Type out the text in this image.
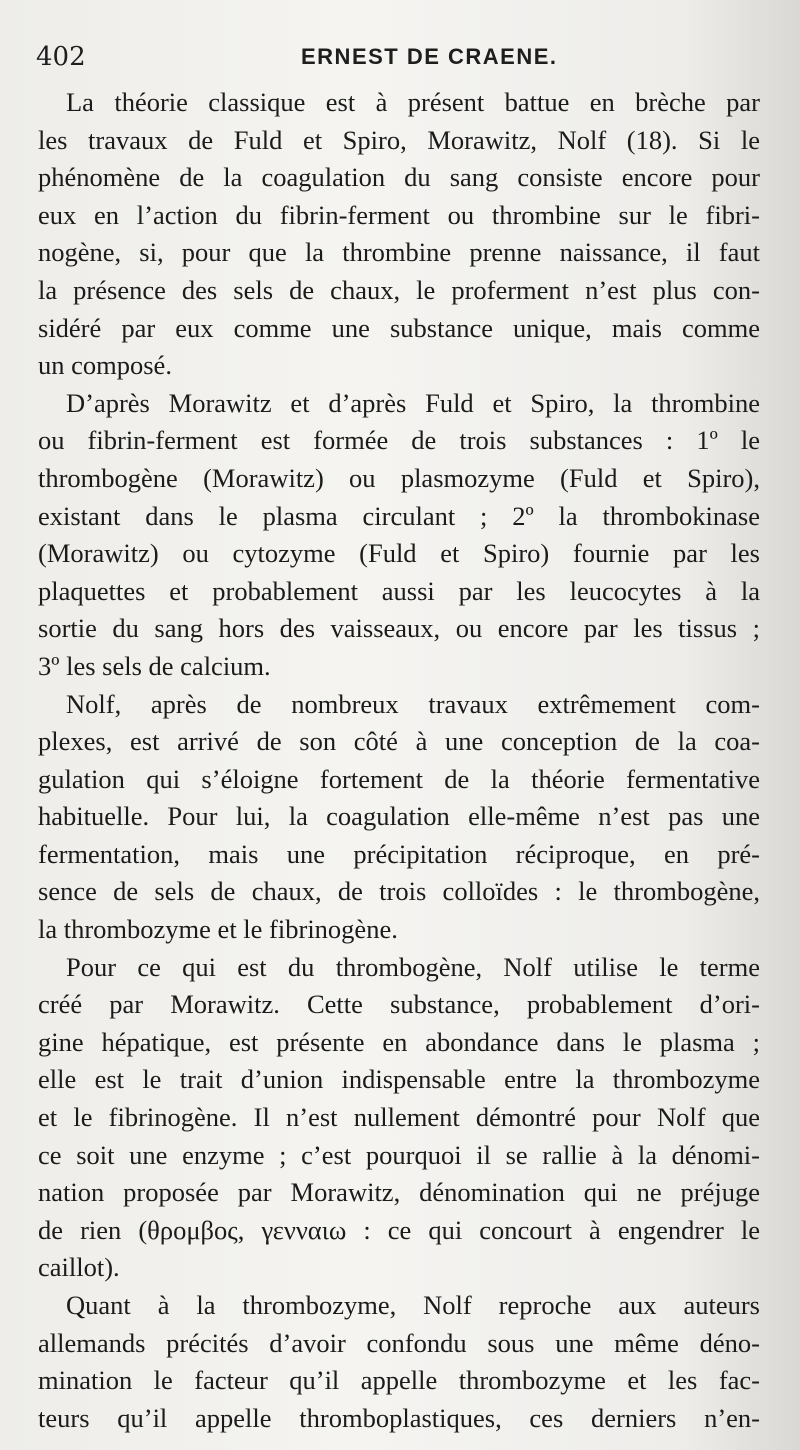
402	ERNEST DE CRAENE.
La théorie classique est à présent battue en brèche par
les travaux de Fuld et Spiro, Morawitz, Nolf (18). Si le
phénomène de la coagulation du sang consiste encore pour
eux en l’action du fibrin-ferment ou thrombine sur le fibri-
nogène, si, pour que la thrombine prenne naissance, il faut
la présence des sels de chaux, le proferment n’est plus con-
sidéré par eux comme une substance unique, mais comme
un composé.
D’après Morawitz et d’après Fuld et Spiro, la thrombine
ou fibrin-ferment est formée de trois substances : 1º le
thrombogène (Morawitz) ou plasmozyme (Fuld et Spiro),
existant dans le plasma circulant ; 2º la thrombokinase
(Morawitz) ou cytozyme (Fuld et Spiro) fournie par les
plaquettes et probablement aussi par les leucocytes à la
sortie du sang hors des vaisseaux, ou encore par les tissus ;
3º les sels de calcium.
Nolf, après de nombreux travaux extrêmement com-
plexes, est arrivé de son côté à une conception de la coa-
gulation qui s’éloigne fortement de la théorie fermentative
habituelle. Pour lui, la coagulation elle-même n’est pas une
fermentation, mais une précipitation réciproque, en pré-
sence de sels de chaux, de trois colloïdes : le thrombogène,
la thrombozyme et le fibrinogène.
Pour ce qui est du thrombogène, Nolf utilise le terme
créé par Morawitz. Cette substance, probablement d’ori-
gine hépatique, est présente en abondance dans le plasma ;
elle est le trait d’union indispensable entre la thrombozyme
et le fibrinogène. Il n’est nullement démontré pour Nolf que
ce soit une enzyme ; c’est pourquoi il se rallie à la dénomi-
nation proposée par Morawitz, dénomination qui ne préjuge
de rien (θρομβος, γενναιω : ce qui concourt à engendrer le
caillot).
Quant à la thrombozyme, Nolf reproche aux auteurs
allemands précités d’avoir confondu sous une même déno-
mination le facteur qu’il appelle thrombozyme et les fac-
teurs qu’il appelle thromboplastiques, ces derniers n’en-
